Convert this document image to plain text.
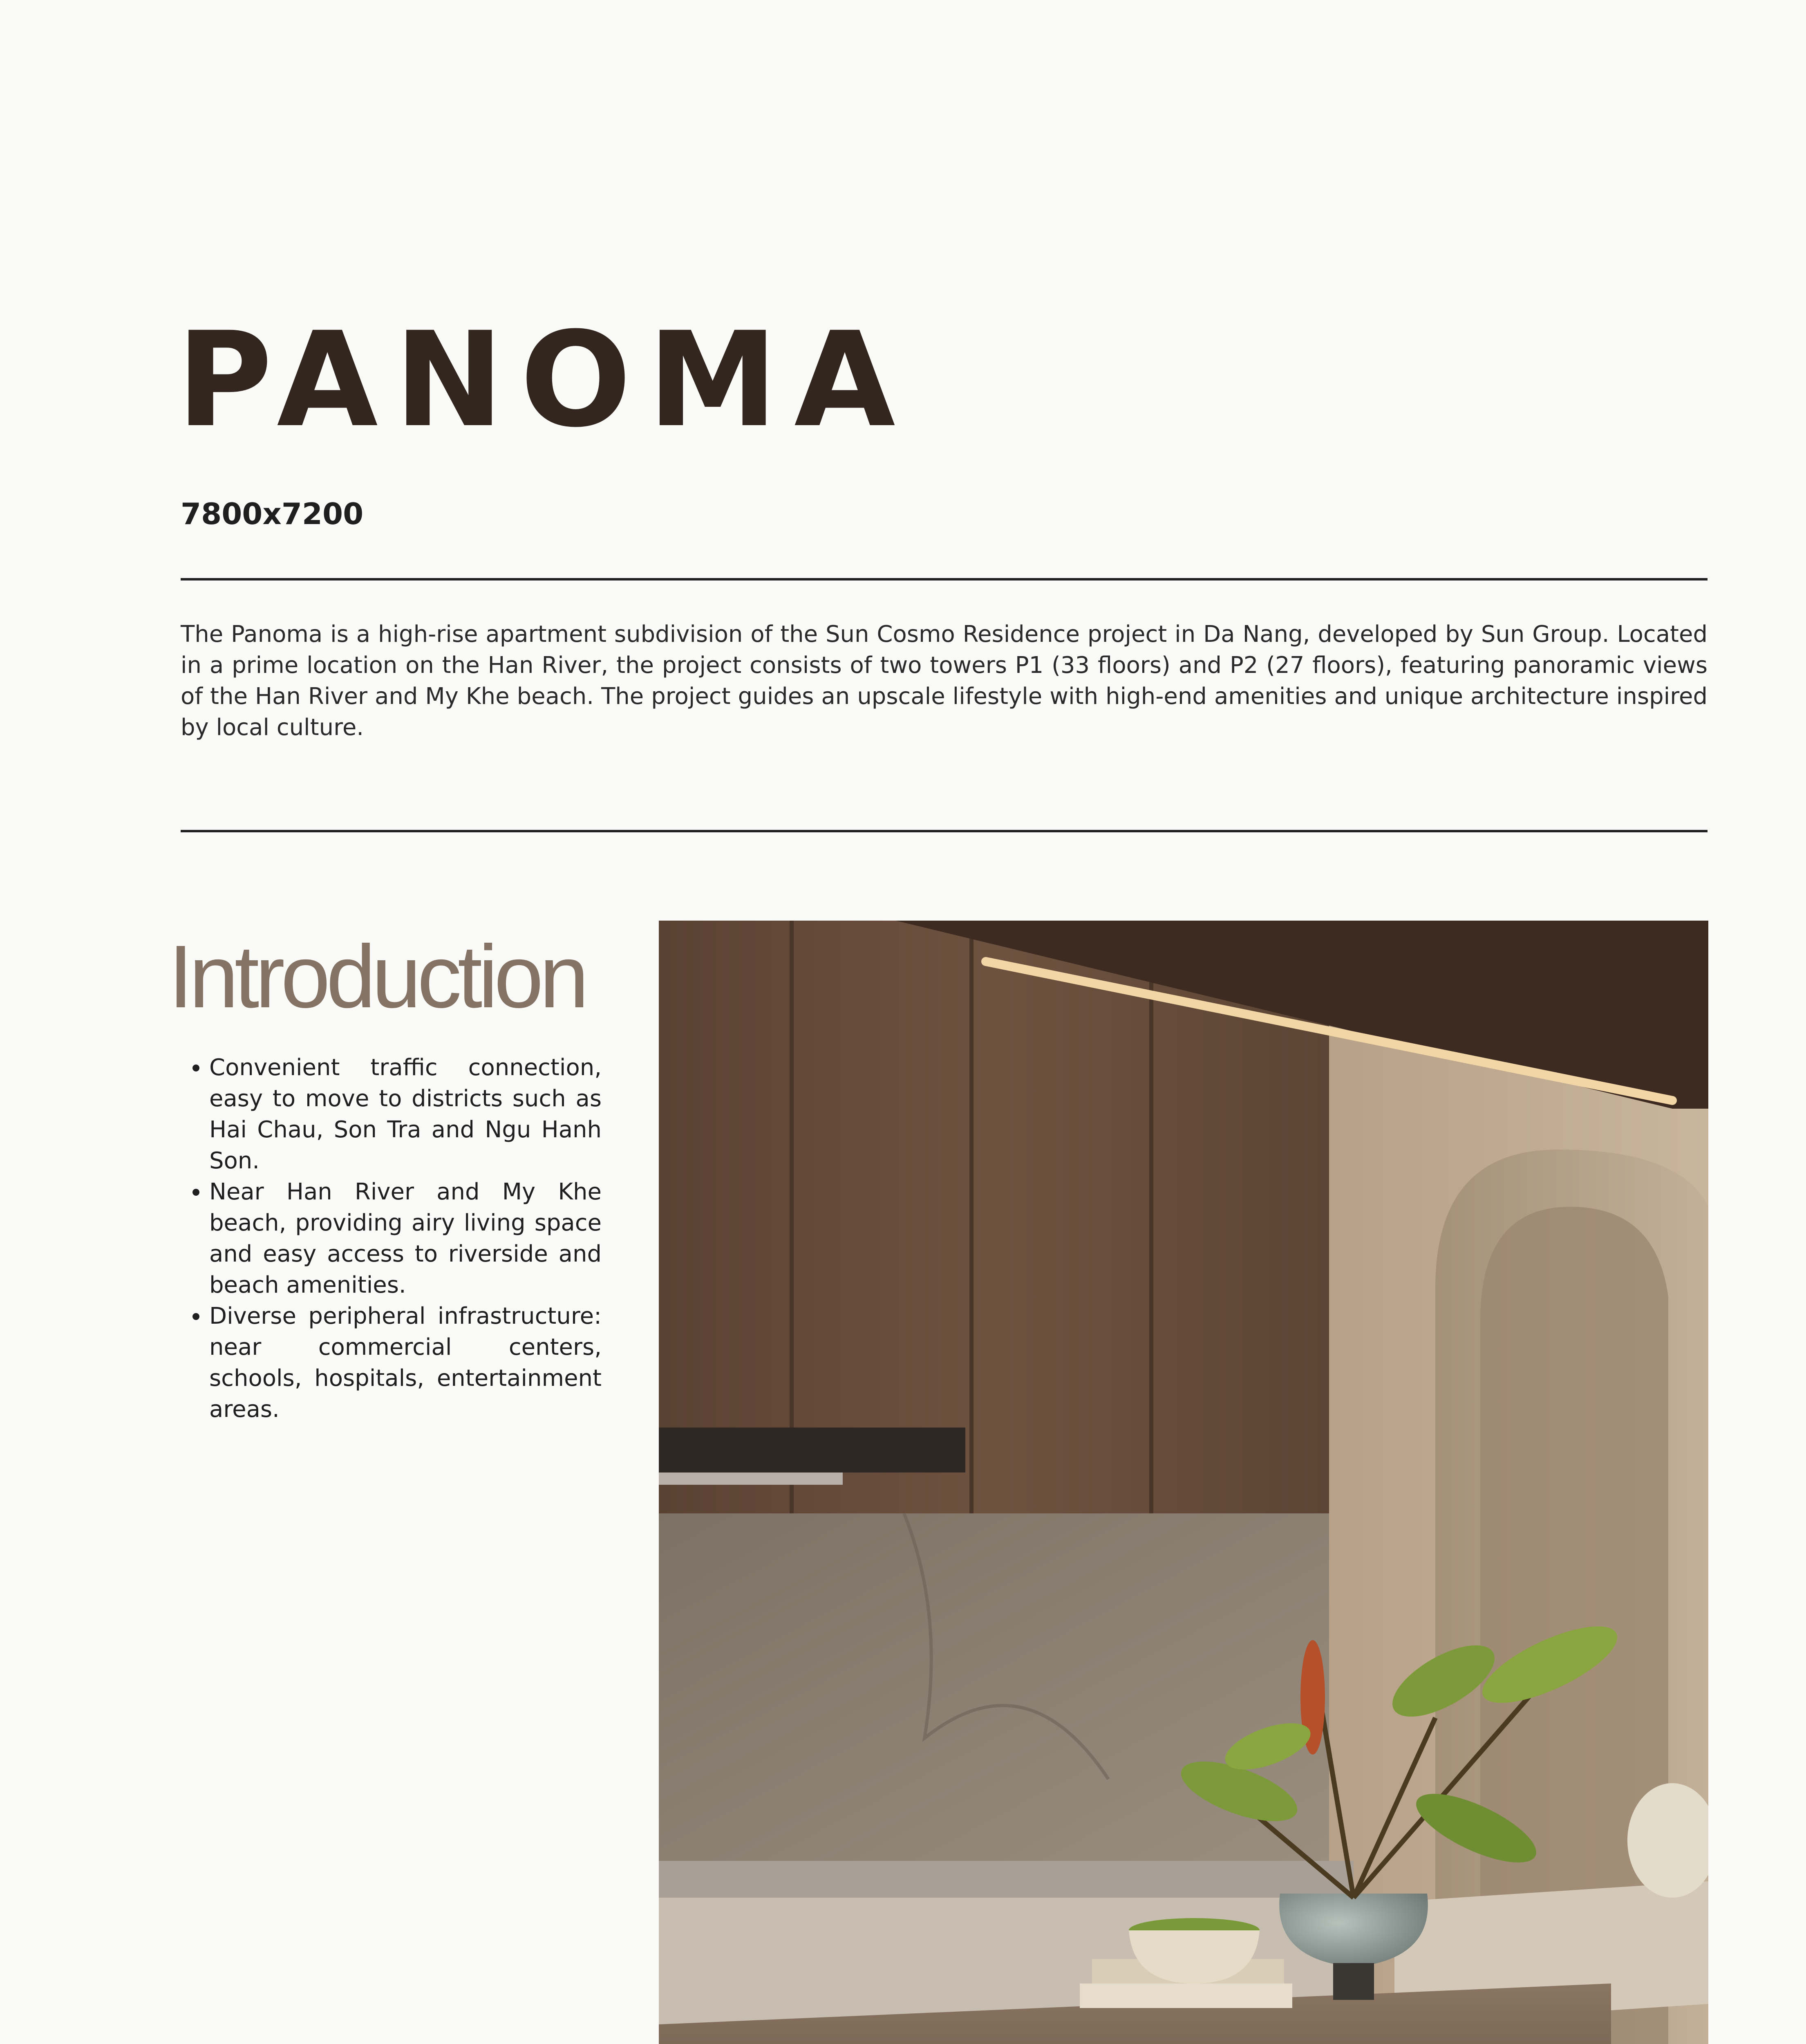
PANOMA
7800x7200

The Panoma is a high-rise apartment subdivision of the Sun Cosmo Residence project in Da Nang, developed by Sun Group. Located in a prime location on the Han River, the project consists of two towers P1 (33 floors) and P2 (27 floors), featuring panoramic views of the Han River and My Khe beach. The project guides an upscale lifestyle with high-end amenities and unique architecture inspired by local culture.

Introduction
• Convenient traffic connection, easy to move to districts such as Hai Chau, Son Tra and Ngu Hanh Son.
• Near Han River and My Khe beach, providing airy living space and easy access to riverside and beach amenities.
• Diverse peripheral infrastructure: near commercial centers, schools, hospitals, entertainment areas.
